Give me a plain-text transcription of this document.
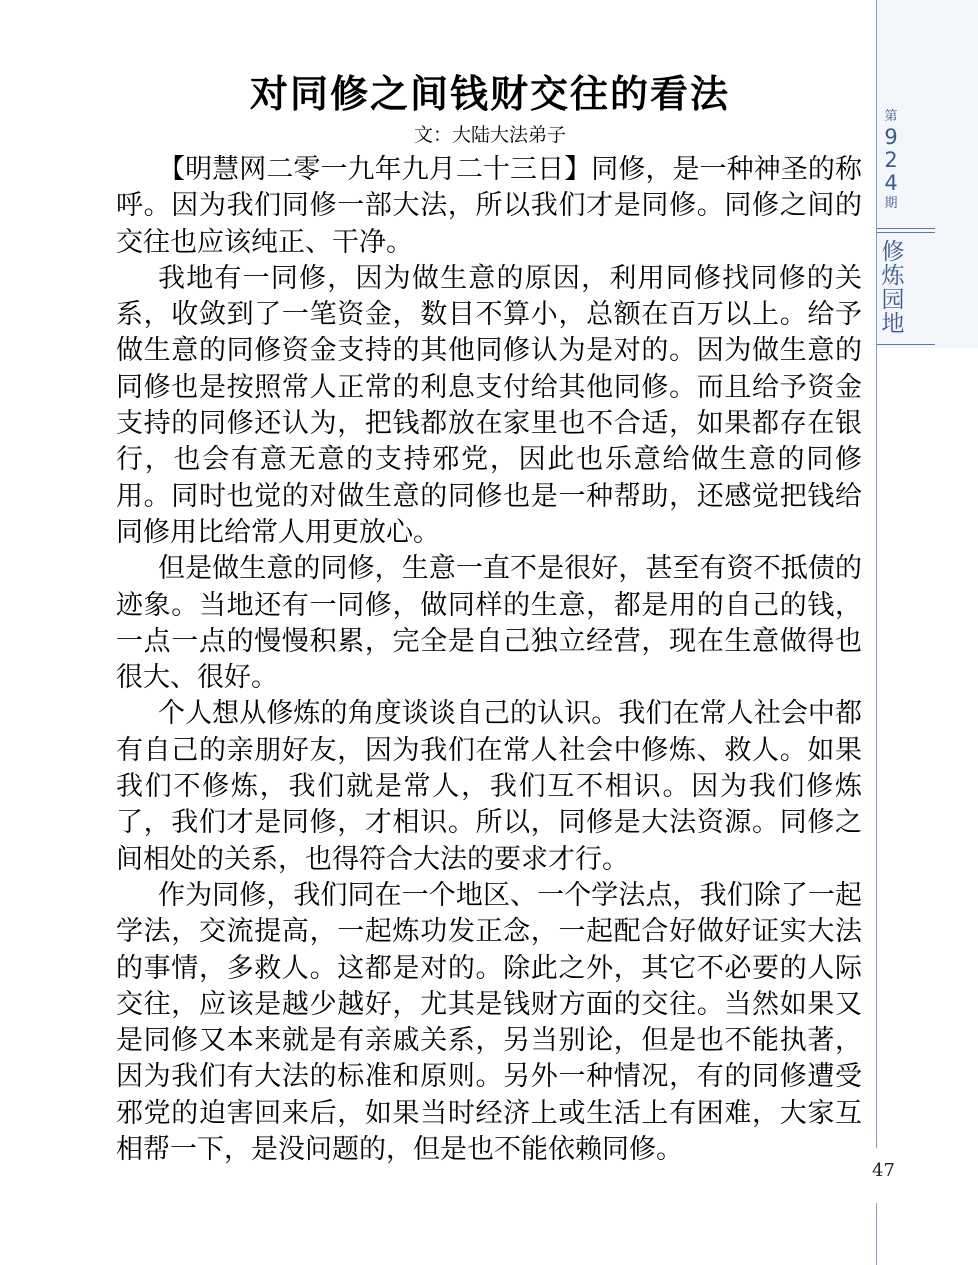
第
9
2
4
期
修
炼
园
地
对同修之间钱财交往的看法
文：大陆大法弟子

【明慧网二零一九年九月二十三日】同修，是一种神圣的称呼。因为我们同修一部大法，所以我们才是同修。同修之间的交往也应该纯正、干净。

我地有一同修，因为做生意的原因，利用同修找同修的关系，收敛到了一笔资金，数目不算小，总额在百万以上。给予做生意的同修资金支持的其他同修认为是对的。因为做生意的同修也是按照常人正常的利息支付给其他同修。而且给予资金支持的同修还认为，把钱都放在家里也不合适，如果都存在银行，也会有意无意的支持邪党，因此也乐意给做生意的同修用。同时也觉的对做生意的同修也是一种帮助，还感觉把钱给同修用比给常人用更放心。

但是做生意的同修，生意一直不是很好，甚至有资不抵债的迹象。当地还有一同修，做同样的生意，都是用的自己的钱，一点一点的慢慢积累，完全是自己独立经营，现在生意做得也很大、很好。

个人想从修炼的角度谈谈自己的认识。我们在常人社会中都有自己的亲朋好友，因为我们在常人社会中修炼、救人。如果我们不修炼，我们就是常人，我们互不相识。因为我们修炼了，我们才是同修，才相识。所以，同修是大法资源。同修之间相处的关系，也得符合大法的要求才行。

作为同修，我们同在一个地区、一个学法点，我们除了一起学法，交流提高，一起炼功发正念，一起配合好做好证实大法的事情，多救人。这都是对的。除此之外，其它不必要的人际交往，应该是越少越好，尤其是钱财方面的交往。当然如果又是同修又本来就是有亲戚关系，另当别论，但是也不能执著，因为我们有大法的标准和原则。另外一种情况，有的同修遭受邪党的迫害回来后，如果当时经济上或生活上有困难，大家互相帮一下，是没问题的，但是也不能依赖同修。

47
